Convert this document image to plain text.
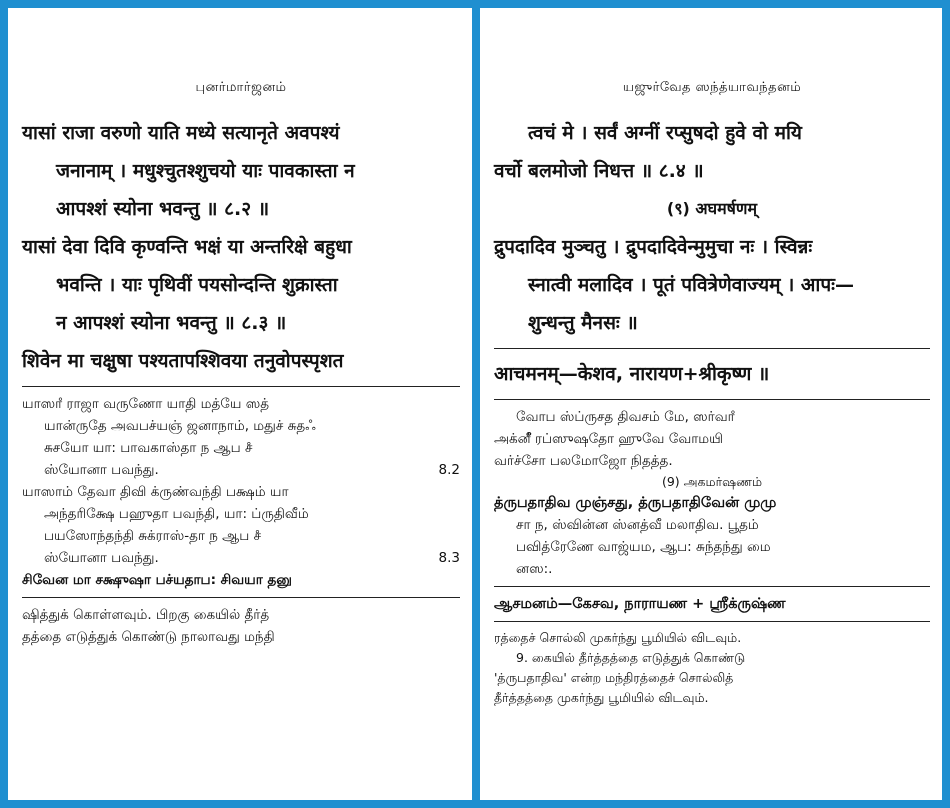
புனர்மார்ஜனம்
यासां राजा वरुणो याति मध्ये सत्यानृते अवपश्यं
जनानाम् । मधुश्चुतश्शुचयो याः पावकास्ता न
आपश्शं स्योना भवन्तु ॥ ८.२ ॥
यासां देवा दिवि कृण्वन्ति भक्षं या अन्तरिक्षे बहुधा
भवन्ति । याः पृथिवीं पयसोन्दन्ति शुक्रास्ता
न आपश्शं स्योना भवन्तु ॥ ८.३ ॥
शिवेन मा चक्षुषा पश्यतापश्शिवया तनुवोपस्पृशत
யாஸாஂ ராஜா வருணோ யாதி மத்யே ஸத்
யான்ருதே அவபச்யஞ் ஜனாநாம், மதுச் சுதஃ
சுசயோ யா: பாவகாஸ்தா ந ஆப சஂ
ஸ்யோனா பவந்து.	8.2
யாஸாம் தேவா திவி க்ருண்வந்தி பக்ஷம் யா
அந்தரிக்ஷே பஹுதா பவந்தி, யா: ப்ருதிவீம்
பயஸோந்தந்தி சுக்ராஸ்-தா ந ஆப சஂ
ஸ்யோனா பவந்து.	8.3
சிவேன மா சக்ஷுஷா பச்யதாப: சிவயா தனு
ஷித்துக் கொள்ளவும். பிறகு கையில் தீர்த்
தத்தை எடுத்துக் கொண்டு நாலாவது மந்தி
யஜுர்வேத ஸந்த்யாவந்தனம்
त्वचं मे । सर्वं अग्नीं रप्सुषदो हुवे वो मयि
वर्चो बलमोजो निधत्त ॥ ८.४ ॥
(९) अघमर्षणम्
द्रुपदादिव मुञ्चतु । द्रुपदादिवेन्मुमुचा नः । स्विन्नः
स्नात्वी मलादिव । पूतं पवित्रेणेवाज्यम् । आपः—
शुन्धन्तु मैनसः ॥
आचमनम्—केशव, नारायण+श्रीकृष्ण ॥
வோப ஸ்ப்ருசத திவசம் மே, ஸர்வாஂ
அக்னீஂ ரப்ஸுஷதோ ஹுவே வோமயி
வர்ச்சோ பலமோஜோ நிதத்த.
(9) அகமர்ஷணம்
த்ருபதாதிவ முஞ்சது, த்ருபதாதிவேன் முமு
சா ந, ஸ்வின்ன ஸ்னத்வீ மலாதிவ. பூதம்
பவித்ரேணே வாஜ்யம, ஆப: சுந்தந்து மை
னஸ:.
ஆசமனம்—கேசவ, நாராயண + ஸ்ரீக்ருஷ்ண
ரத்தைச் சொல்லி முகர்ந்து பூமியில் விடவும்.
9. கையில் தீர்த்தத்தை எடுத்துக் கொண்டு
'த்ருபதாதிவ' என்ற மந்திரத்தைச் சொல்லித்
தீர்த்தத்தை முகர்ந்து பூமியில் விடவும்.
